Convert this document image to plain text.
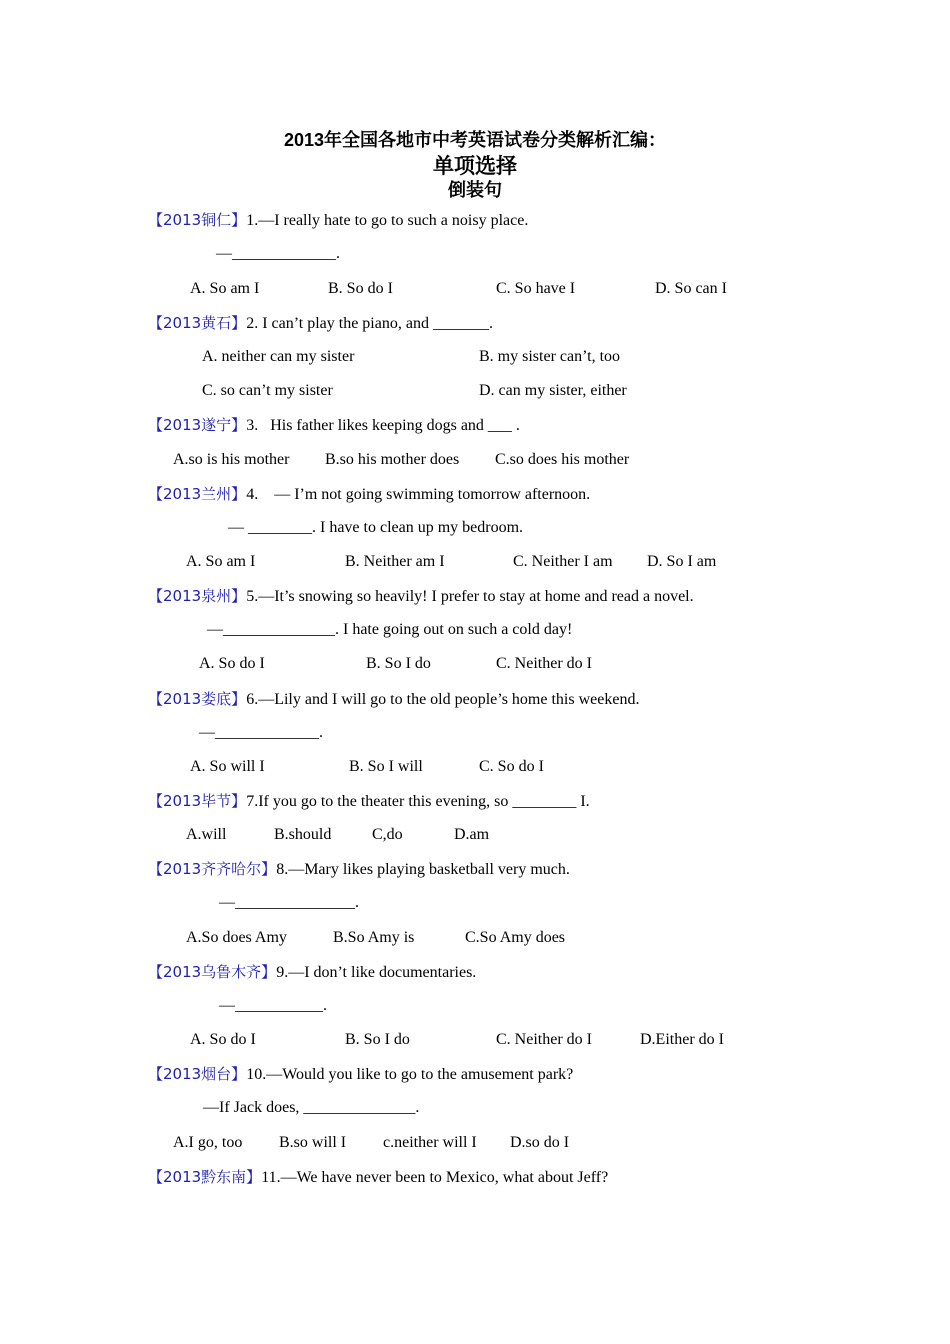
2013年全国各地市中考英语试卷分类解析汇编：
单项选择
倒装句
【2013铜仁】1.—I really hate to go to such a noisy place.
—_____________.
A. So am I	B. So do I	C. So have I	D. So can I
【2013黄石】2. I can’t play the piano, and _______.
A. neither can my sister	B. my sister can’t, too
C. so can’t my sister	D. can my sister, either
【2013遂宁】3.   His father likes keeping dogs and ___ .
A.so is his mother B.so his mother does C.so does his mother
【2013兰州】4.    — I’m not going swimming tomorrow afternoon.
— ________. I have to clean up my bedroom.
A. So am I	B. Neither am I	C. Neither I am D. So I am
【2013泉州】5.—It’s snowing so heavily! I prefer to stay at home and read a novel.
—______________. I hate going out on such a cold day!
A. So do I	B. So I do	C. Neither do I
【2013娄底】6.—Lily and I will go to the old people’s home this weekend.
—_____________.
A. So will I	B. So I will	C. So do I
【2013毕节】7.If you go to the theater this evening, so ________ I.
A.will	B.should	C,do	D.am
【2013齐齐哈尔】8.—Mary likes playing basketball very much.
—_______________.
A.So does Amy	B.So Amy is	C.So Amy does
【2013乌鲁木齐】9.—I don’t like documentaries.
—___________.
A. So do I	B. So I do	C. Neither do I	D.Either do I
【2013烟台】10.—Would you like to go to the amusement park?
—If Jack does, ______________.
A.I go, too B.so will I c.neither will I D.so do I
【2013黔东南】11.—We have never been to Mexico, what about Jeff?
